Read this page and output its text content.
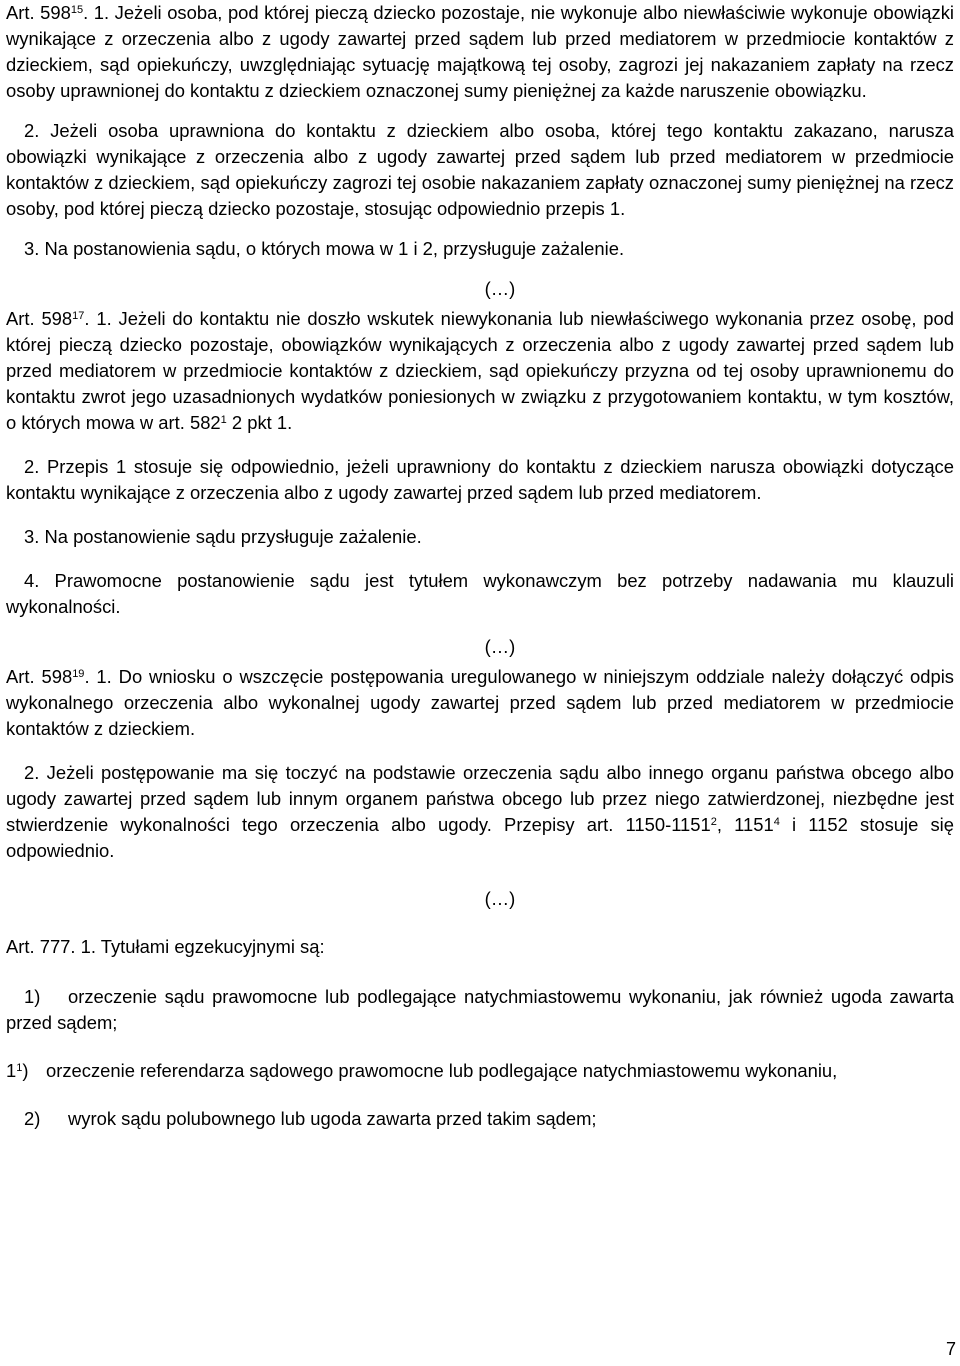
Art. $598^{15}$. 1. Jeżeli osoba, pod której pieczą dziecko pozostaje, nie wykonuje albo niewłaściwie wykonuje obowiązki wynikające z orzeczenia albo z ugody zawartej przed sądem lub przed mediatorem w przedmiocie kontaktów z dzieckiem, sąd opiekuńczy, uwzględniając sytuację majątkową tej osoby, zagrozi jej nakazaniem zapłaty na rzecz osoby uprawnionej do kontaktu z dzieckiem oznaczonej sumy pieniężnej za każde naruszenie obowiązku.

2. Jeżeli osoba uprawniona do kontaktu z dzieckiem albo osoba, której tego kontaktu zakazano, narusza obowiązki wynikające z orzeczenia albo z ugody zawartej przed sądem lub przed mediatorem w przedmiocie kontaktów z dzieckiem, sąd opiekuńczy zagrozi tej osobie nakazaniem zapłaty oznaczonej sumy pieniężnej na rzecz osoby, pod której pieczą dziecko pozostaje, stosując odpowiednio przepis 1.

3. Na postanowienia sądu, o których mowa w 1 i 2, przysługuje zażalenie.

(…)

Art. $598^{17}$. 1. Jeżeli do kontaktu nie doszło wskutek niewykonania lub niewłaściwego wykonania przez osobę, pod której pieczą dziecko pozostaje, obowiązków wynikających z orzeczenia albo z ugody zawartej przed sądem lub przed mediatorem w przedmiocie kontaktów z dzieckiem, sąd opiekuńczy przyzna od tej osoby uprawnionemu do kontaktu zwrot jego uzasadnionych wydatków poniesionych w związku z przygotowaniem kontaktu, w tym kosztów, o których mowa w art. $582^1$ 2 pkt 1.

2. Przepis 1 stosuje się odpowiednio, jeżeli uprawniony do kontaktu z dzieckiem narusza obowiązki dotyczące kontaktu wynikające z orzeczenia albo z ugody zawartej przed sądem lub przed mediatorem.

3. Na postanowienie sądu przysługuje zażalenie.

4. Prawomocne postanowienie sądu jest tytułem wykonawczym bez potrzeby nadawania mu klauzuli wykonalności.

(…)

Art. $598^{19}$. 1. Do wniosku o wszczęcie postępowania uregulowanego w niniejszym oddziale należy dołączyć odpis wykonalnego orzeczenia albo wykonalnej ugody zawartej przed sądem lub przed mediatorem w przedmiocie kontaktów z dzieckiem.

2. Jeżeli postępowanie ma się toczyć na podstawie orzeczenia sądu albo innego organu państwa obcego albo ugody zawartej przed sądem lub innym organem państwa obcego lub przez niego zatwierdzonej, niezbędne jest stwierdzenie wykonalności tego orzeczenia albo ugody. Przepisy art. 1150-1151$^2$, 1151$^4$ i 1152 stosuje się odpowiednio.

(…)

Art. 777. 1. Tytułami egzekucyjnymi są:

1) orzeczenie sądu prawomocne lub podlegające natychmiastowemu wykonaniu, jak również ugoda zawarta przed sądem;

$1^1$) orzeczenie referendarza sądowego prawomocne lub podlegające natychmiastowemu wykonaniu,

2) wyrok sądu polubownego lub ugoda zawarta przed takim sądem;

7
